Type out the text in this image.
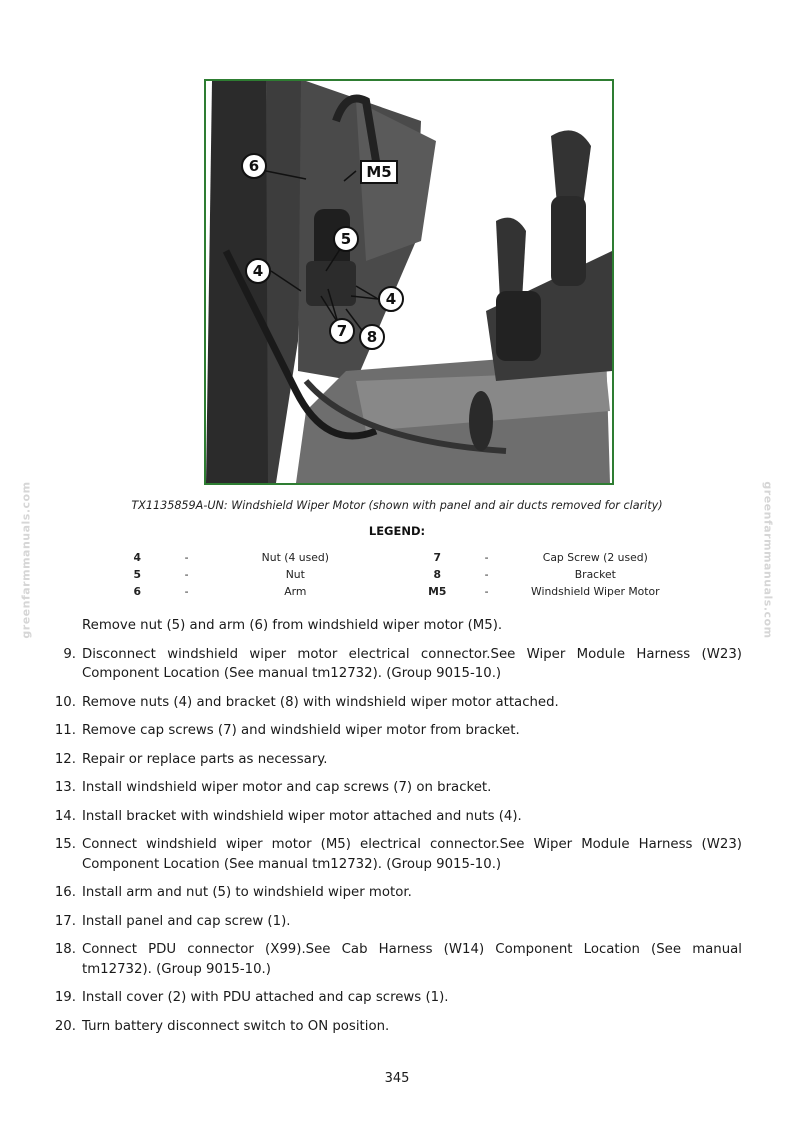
6	M5
5
4
4
7 8
TX1135859A-UN: Windshield Wiper Motor (shown with panel and air ducts removed for clarity)
LEGEND:
4	-	Nut (4 used)	7	-	Cap Screw (2 used)
5	-	Nut	8	-	Bracket
6	-	Arm	M5	-	Windshield Wiper Motor
greenfarmmanuals.com	greenfarmmanuals.com
Remove nut (5) and arm (6) from windshield wiper motor (M5).
9. Disconnect windshield wiper motor electrical connector.See Wiper Module Harness (W23) Component Location (See manual tm12732). (Group 9015-10.)
10. Remove nuts (4) and bracket (8) with windshield wiper motor attached.
11. Remove cap screws (7) and windshield wiper motor from bracket.
12. Repair or replace parts as necessary.
13. Install windshield wiper motor and cap screws (7) on bracket.
14. Install bracket with windshield wiper motor attached and nuts (4).
15. Connect windshield wiper motor (M5) electrical connector.See Wiper Module Harness (W23) Component Location (See manual tm12732). (Group 9015-10.)
16. Install arm and nut (5) to windshield wiper motor.
17. Install panel and cap screw (1).
18. Connect PDU connector (X99).See Cab Harness (W14) Component Location (See manual tm12732). (Group 9015-10.)
19. Install cover (2) with PDU attached and cap screws (1).
20. Turn battery disconnect switch to ON position.
345
